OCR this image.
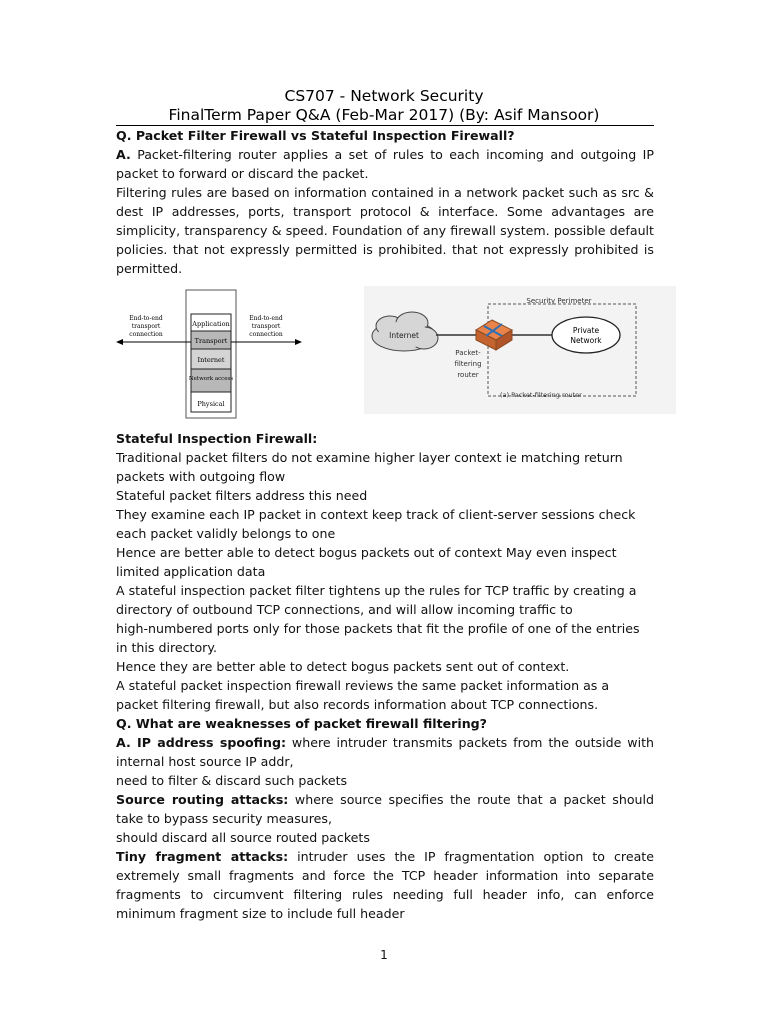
CS707 - Network Security
FinalTerm Paper Q&A (Feb-Mar 2017) (By: Asif Mansoor)
Q. Packet Filter Firewall vs Stateful Inspection Firewall?
A. Packet-filtering router applies a set of rules to each incoming and outgoing IP packet to forward or discard the packet.
Filtering rules are based on information contained in a network packet such as src & dest IP addresses, ports, transport protocol & interface. Some advantages are simplicity, transparency & speed. Foundation of any firewall system. possible default policies. that not expressly permitted is prohibited. that not expressly prohibited is permitted.
Application
Transport
Internet
Network access
Physical
End-to-end
transport
connection
End-to-end
transport
connection
Security Perimeter
Internet
Private
Network
Packet-
filtering
router
(a) Packet-filtering router
Stateful Inspection Firewall:
Traditional packet filters do not examine higher layer context ie matching return
packets with outgoing flow
Stateful packet filters address this need
They examine each IP packet in context keep track of client-server sessions check
each packet validly belongs to one
Hence are better able to detect bogus packets out of context May even inspect
limited application data
A stateful inspection packet filter tightens up the rules for TCP traffic by creating a
directory of outbound TCP connections, and will allow incoming traffic to
high-numbered ports only for those packets that fit the profile of one of the entries
in this directory.
Hence they are better able to detect bogus packets sent out of context.
A stateful packet inspection firewall reviews the same packet information as a
packet filtering firewall, but also records information about TCP connections.
Q. What are weaknesses of packet firewall filtering?
A. IP address spoofing: where intruder transmits packets from the outside with internal host source IP addr,
need to filter & discard such packets
Source routing attacks: where source specifies the route that a packet should take to bypass security measures,
should discard all source routed packets
Tiny fragment attacks: intruder uses the IP fragmentation option to create extremely small fragments and force the TCP header information into separate fragments to circumvent filtering rules needing full header info, can enforce minimum fragment size to include full header
1
